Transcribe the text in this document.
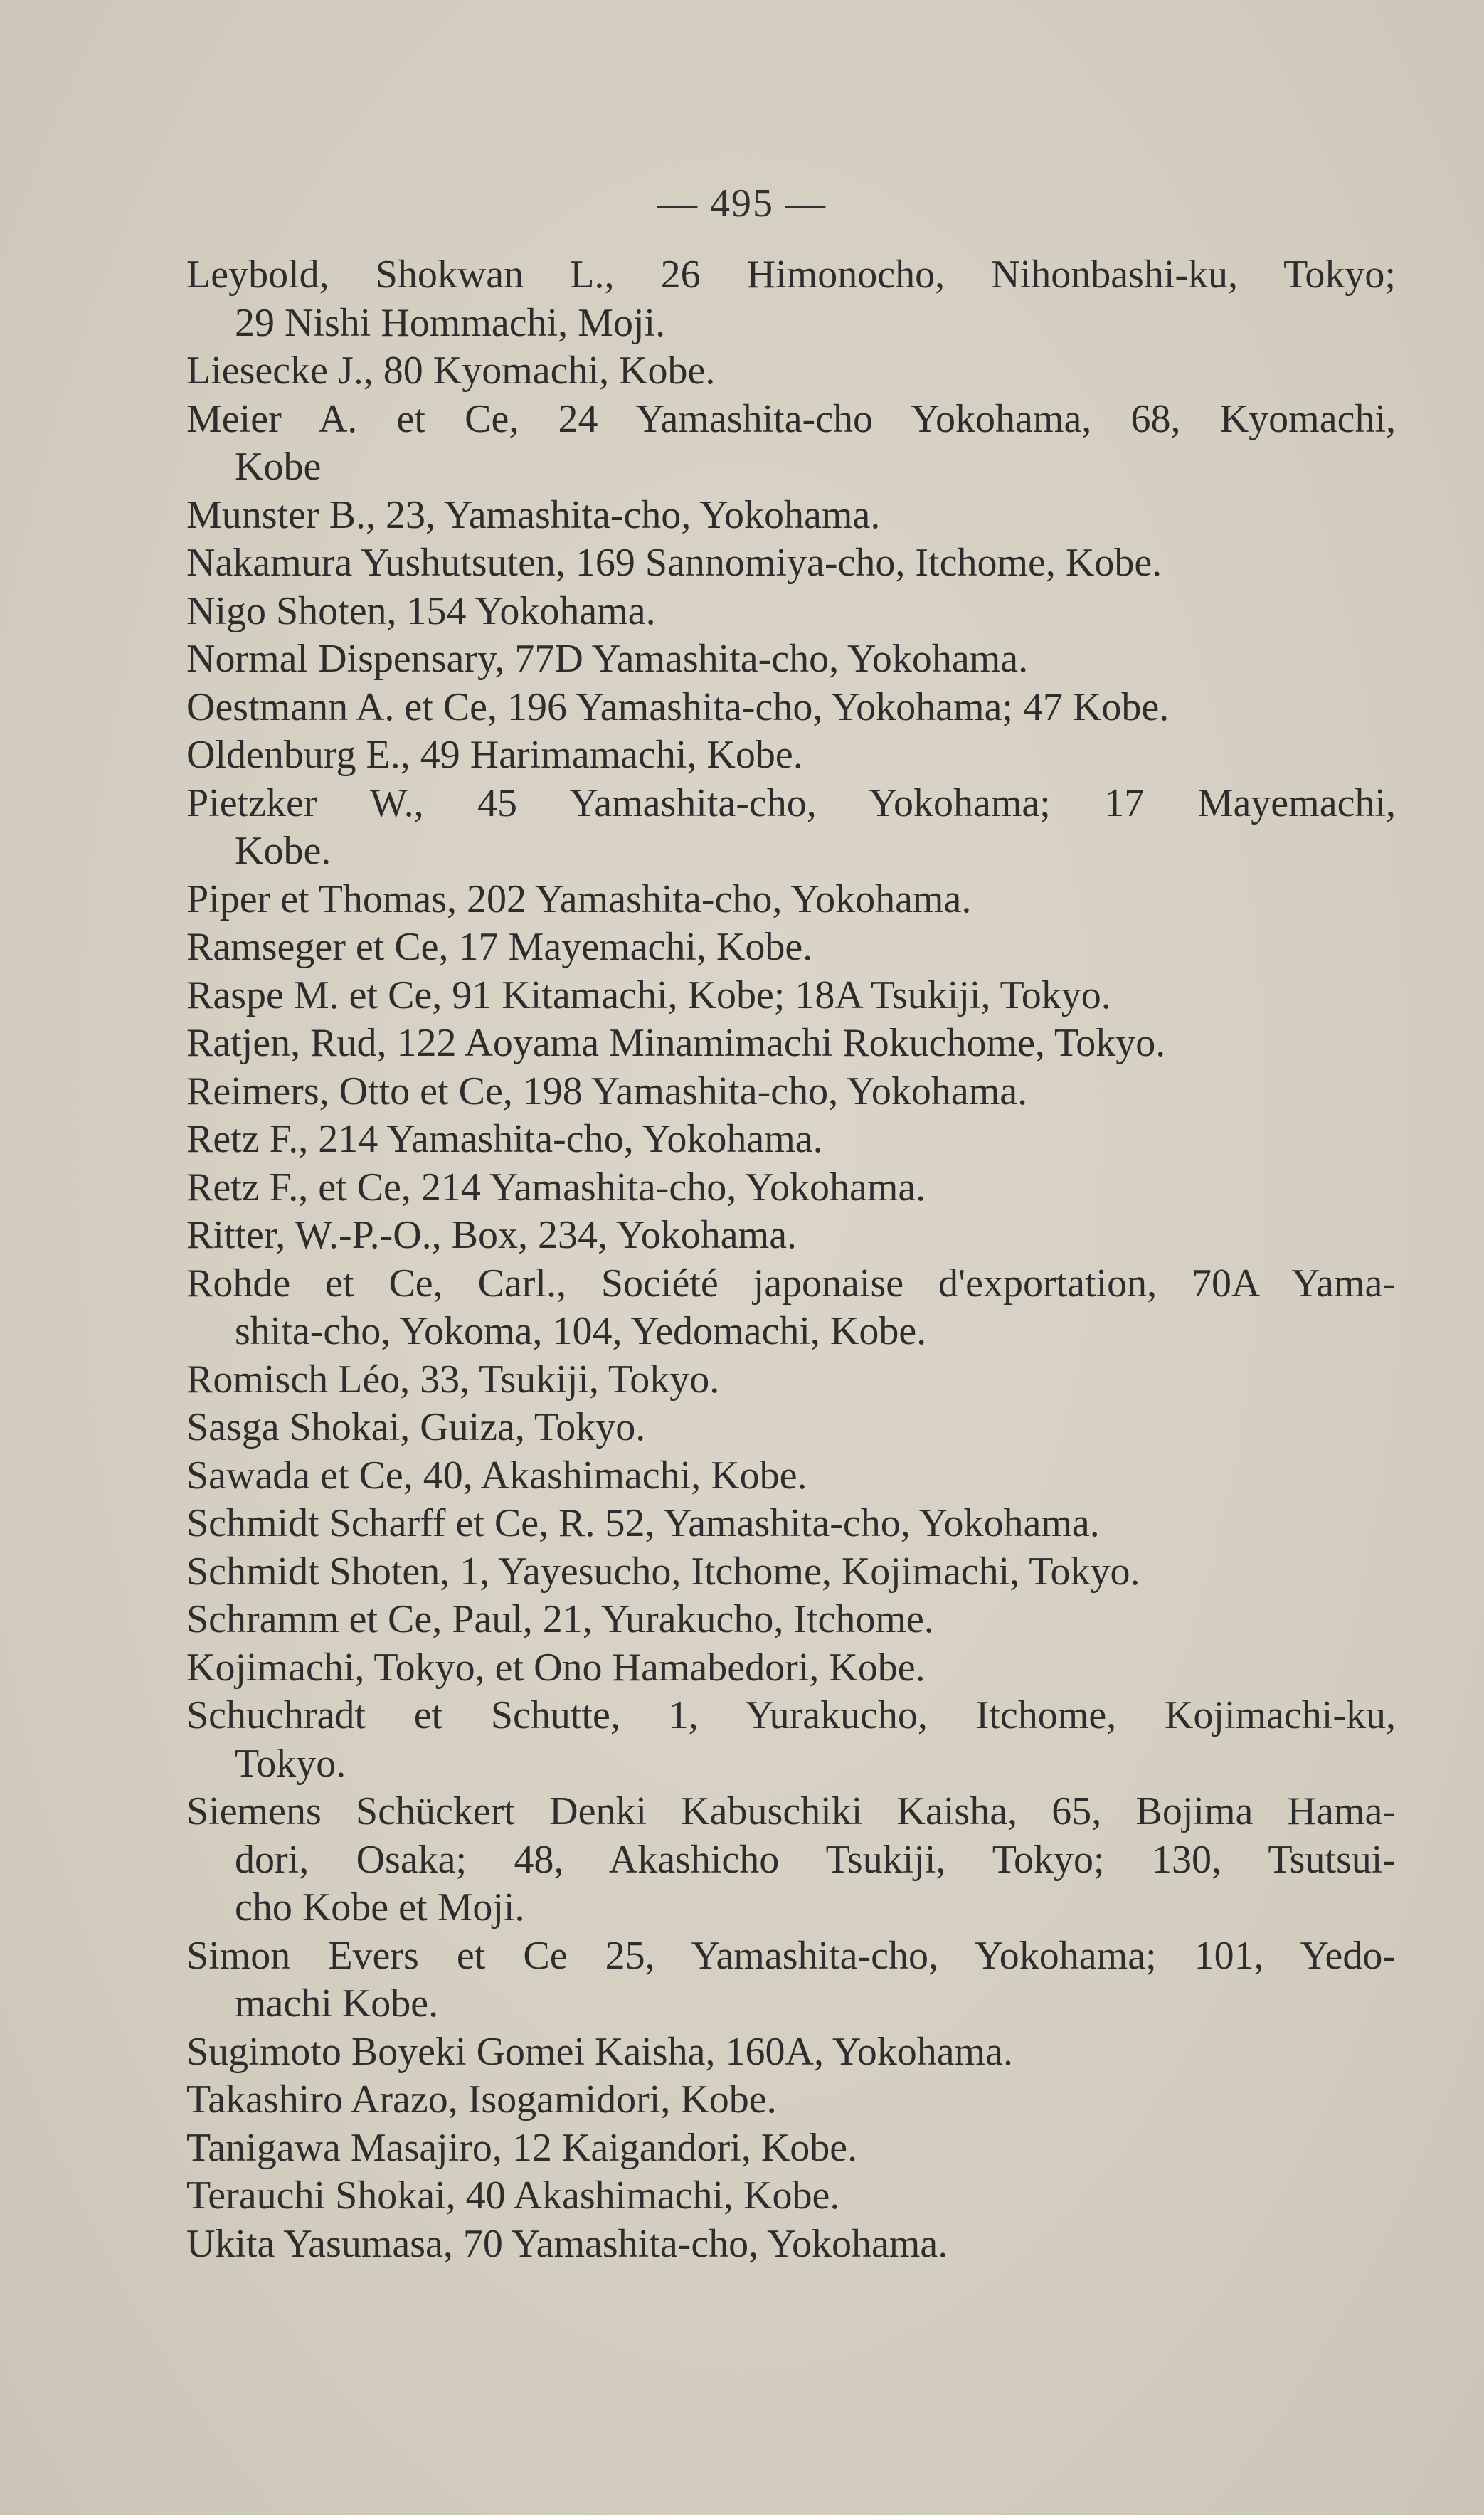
— 495 —
Leybold, Shokwan L., 26 Himonocho, Nihonbashi-ku, Tokyo;
29 Nishi Hommachi, Moji.
Liesecke J., 80 Kyomachi, Kobe.
Meier A. et Ce, 24 Yamashita-cho Yokohama, 68, Kyomachi,
Kobe
Munster B., 23, Yamashita-cho, Yokohama.
Nakamura Yushutsuten, 169 Sannomiya-cho, Itchome, Kobe.
Nigo Shoten, 154 Yokohama.
Normal Dispensary, 77D Yamashita-cho, Yokohama.
Oestmann A. et Ce, 196 Yamashita-cho, Yokohama; 47 Kobe.
Oldenburg E., 49 Harimamachi, Kobe.
Pietzker W., 45 Yamashita-cho, Yokohama; 17 Mayemachi,
Kobe.
Piper et Thomas, 202 Yamashita-cho, Yokohama.
Ramseger et Ce, 17 Mayemachi, Kobe.
Raspe M. et Ce, 91 Kitamachi, Kobe; 18A Tsukiji, Tokyo.
Ratjen, Rud, 122 Aoyama Minamimachi Rokuchome, Tokyo.
Reimers, Otto et Ce, 198 Yamashita-cho, Yokohama.
Retz F., 214 Yamashita-cho, Yokohama.
Retz F., et Ce, 214 Yamashita-cho, Yokohama.
Ritter, W.-P.-O., Box, 234, Yokohama.
Rohde et Ce, Carl., Société japonaise d'exportation, 70A Yama-
shita-cho, Yokoma, 104, Yedomachi, Kobe.
Romisch Léo, 33, Tsukiji, Tokyo.
Sasga Shokai, Guiza, Tokyo.
Sawada et Ce, 40, Akashimachi, Kobe.
Schmidt Scharff et Ce, R. 52, Yamashita-cho, Yokohama.
Schmidt Shoten, 1, Yayesucho, Itchome, Kojimachi, Tokyo.
Schramm et Ce, Paul, 21, Yurakucho, Itchome.
Kojimachi, Tokyo, et Ono Hamabedori, Kobe.
Schuchradt et Schutte, 1, Yurakucho, Itchome, Kojimachi-ku,
Tokyo.
Siemens Schückert Denki Kabuschiki Kaisha, 65, Bojima Hama-
dori, Osaka; 48, Akashicho Tsukiji, Tokyo; 130, Tsutsui-
cho Kobe et Moji.
Simon Evers et Ce 25, Yamashita-cho, Yokohama; 101, Yedo-
machi Kobe.
Sugimoto Boyeki Gomei Kaisha, 160A, Yokohama.
Takashiro Arazo, Isogamidori, Kobe.
Tanigawa Masajiro, 12 Kaigandori, Kobe.
Terauchi Shokai, 40 Akashimachi, Kobe.
Ukita Yasumasa, 70 Yamashita-cho, Yokohama.
